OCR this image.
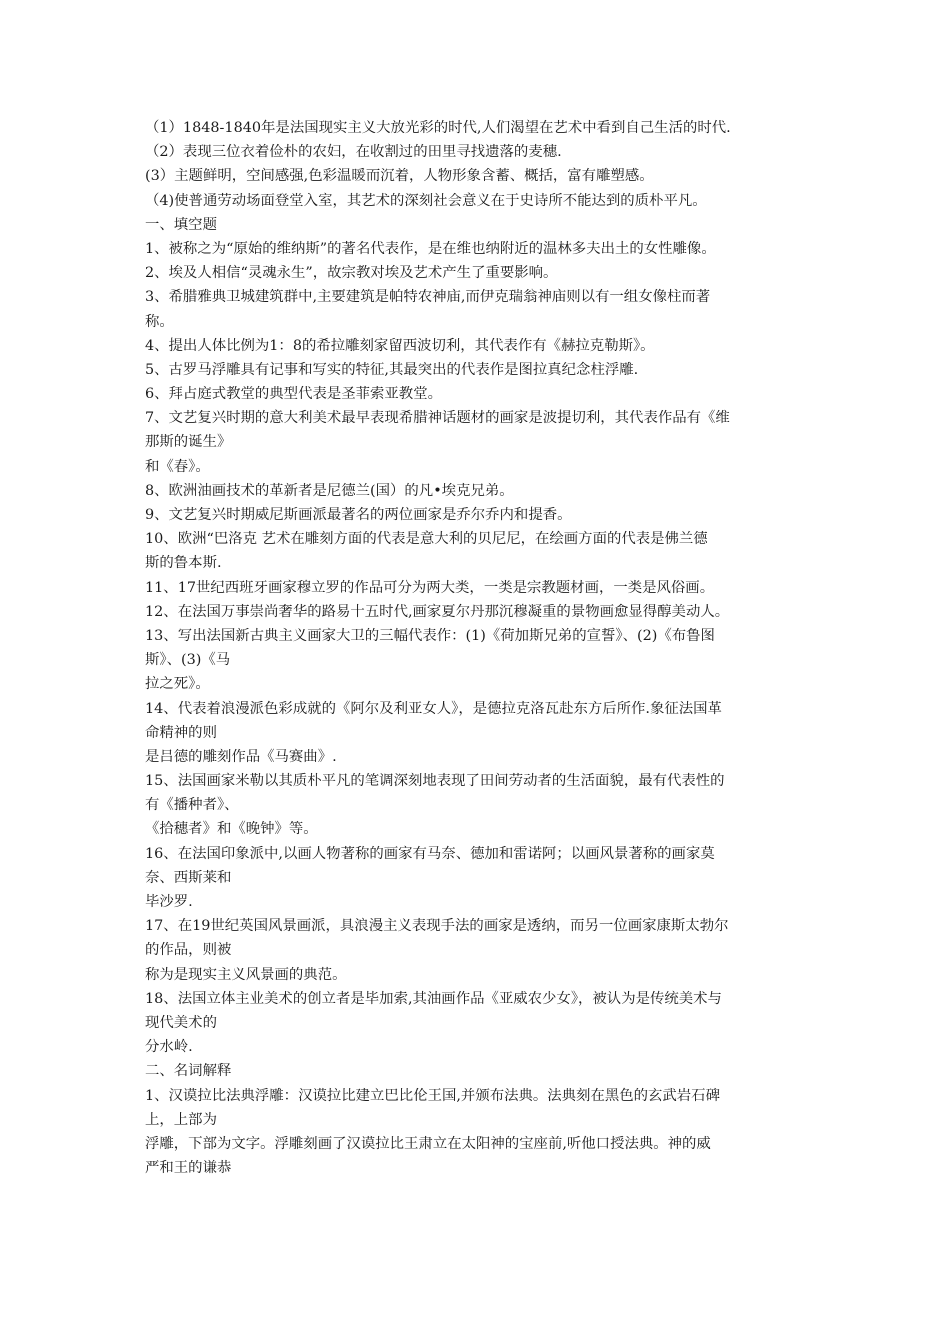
（1）1848-1840年是法国现实主义大放光彩的时代,人们渴望在艺术中看到自己生活的时代.
（2）表现三位衣着俭朴的农妇，在收割过的田里寻找遗落的麦穗.
(3）主题鲜明，空间感强,色彩温暖而沉着，人物形象含蓄、概括，富有雕塑感。
（4)使普通劳动场面登堂入室，其艺术的深刻社会意义在于史诗所不能达到的质朴平凡。
一、填空题
1、被称之为“原始的维纳斯”的著名代表作，是在维也纳附近的温林多夫出土的女性雕像。
2、埃及人相信“灵魂永生”，故宗教对埃及艺术产生了重要影响。
3、希腊雅典卫城建筑群中,主要建筑是帕特农神庙,而伊克瑞翁神庙则以有一组女像柱而著
称。
4、提出人体比例为1：8的希拉雕刻家留西波切利，其代表作有《赫拉克勒斯》。
5、古罗马浮雕具有记事和写实的特征,其最突出的代表作是图拉真纪念柱浮雕.
6、拜占庭式教堂的典型代表是圣菲索亚教堂。
7、文艺复兴时期的意大利美术最早表现希腊神话题材的画家是波提切利，其代表作品有《维
那斯的诞生》
和《春》。
8、欧洲油画技术的革新者是尼德兰(国）的凡•埃克兄弟。
9、文艺复兴时期威尼斯画派最著名的两位画家是乔尔乔内和提香。
10、欧洲“巴洛克 艺术在雕刻方面的代表是意大利的贝尼尼，在绘画方面的代表是佛兰德
斯的鲁本斯.
11、17世纪西班牙画家穆立罗的作品可分为两大类，一类是宗教题材画，一类是风俗画。
12、在法国万事崇尚奢华的路易十五时代,画家夏尔丹那沉穆凝重的景物画愈显得醇美动人。
13、写出法国新古典主义画家大卫的三幅代表作：(1)《荷加斯兄弟的宣誓》、(2)《布鲁图
斯》、(3)《马
拉之死》。
14、代表着浪漫派色彩成就的《阿尔及利亚女人》，是德拉克洛瓦赴东方后所作.象征法国革
命精神的则
是吕德的雕刻作品《马赛曲》.
15、法国画家米勒以其质朴平凡的笔调深刻地表现了田间劳动者的生活面貌，最有代表性的
有《播种者》、
《拾穗者》和《晚钟》等。
16、在法国印象派中,以画人物著称的画家有马奈、德加和雷诺阿；以画风景著称的画家莫
奈、西斯莱和
毕沙罗.
17、在19世纪英国风景画派，具浪漫主义表现手法的画家是透纳，而另一位画家康斯太勃尔
的作品，则被
称为是现实主义风景画的典范。
18、法国立体主业美术的创立者是毕加索,其油画作品《亚威农少女》，被认为是传统美术与
现代美术的
分水岭.
二、名词解释
1、汉谟拉比法典浮雕：汉谟拉比建立巴比伦王国,并颁布法典。法典刻在黑色的玄武岩石碑
上，上部为
浮雕，下部为文字。浮雕刻画了汉谟拉比王肃立在太阳神的宝座前,听他口授法典。神的威
严和王的谦恭
